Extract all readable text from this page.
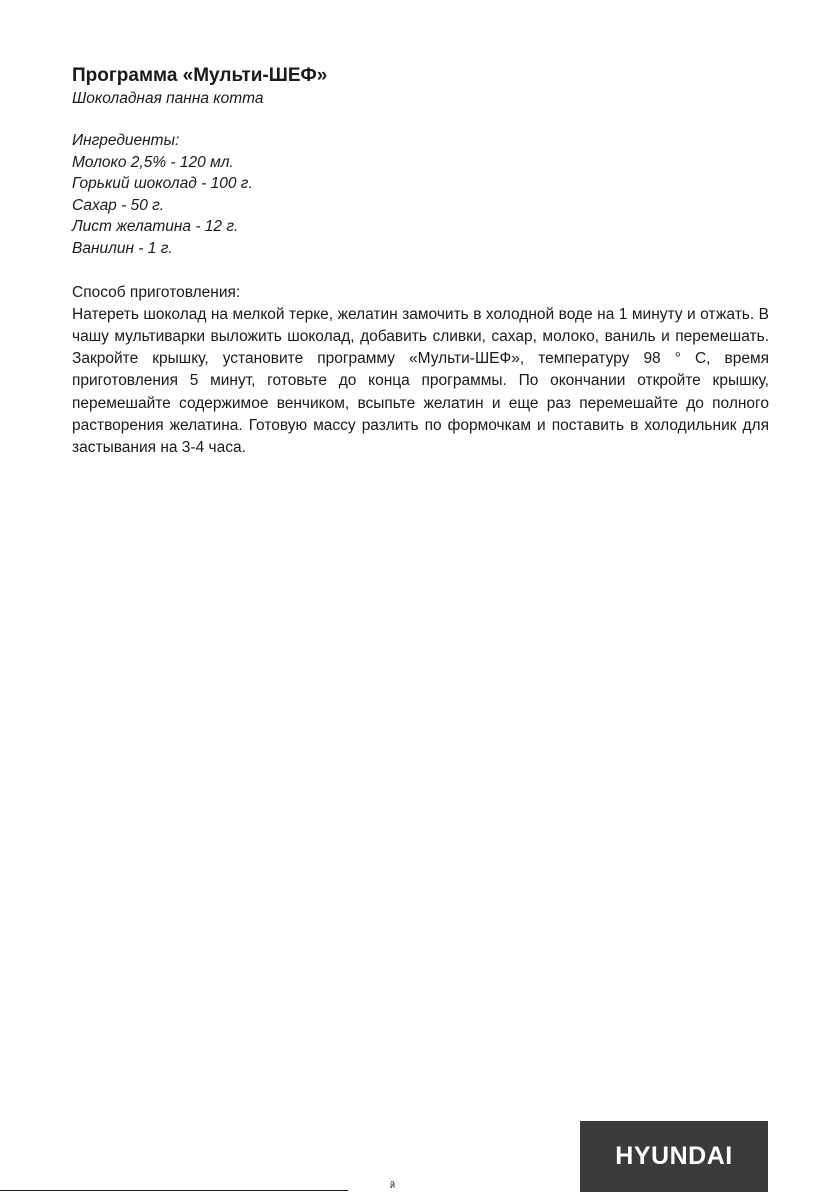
Программа «Мульти-ШЕФ»

Шоколадная панна котта

Ингредиенты:
Молоко 2,5% - 120 мл.
Горький шоколад - 100 г.
Сахар - 50 г.
Лист желатина - 12 г.
Ванилин - 1 г.

Способ приготовления:

Натереть шоколад на мелкой терке, желатин замочить в холодной воде на 1 минуту и отжать. В чашу мультиварки выложить шоколад, добавить сливки, сахар, молоко, ваниль и перемешать. Закройте крышку, установите программу «Мульти-ШЕФ», температуру 98 ° С, время приготовления 5 минут, готовьте до конца программы. По окончании откройте крышку, перемешайте содержимое венчиком, всыпьте желатин и еще раз перемешайте до полного растворения желатина. Готовую массу разлить по формочкам и поставить в холодильник для застывания на 3-4 часа.

HYUNDAI
й
